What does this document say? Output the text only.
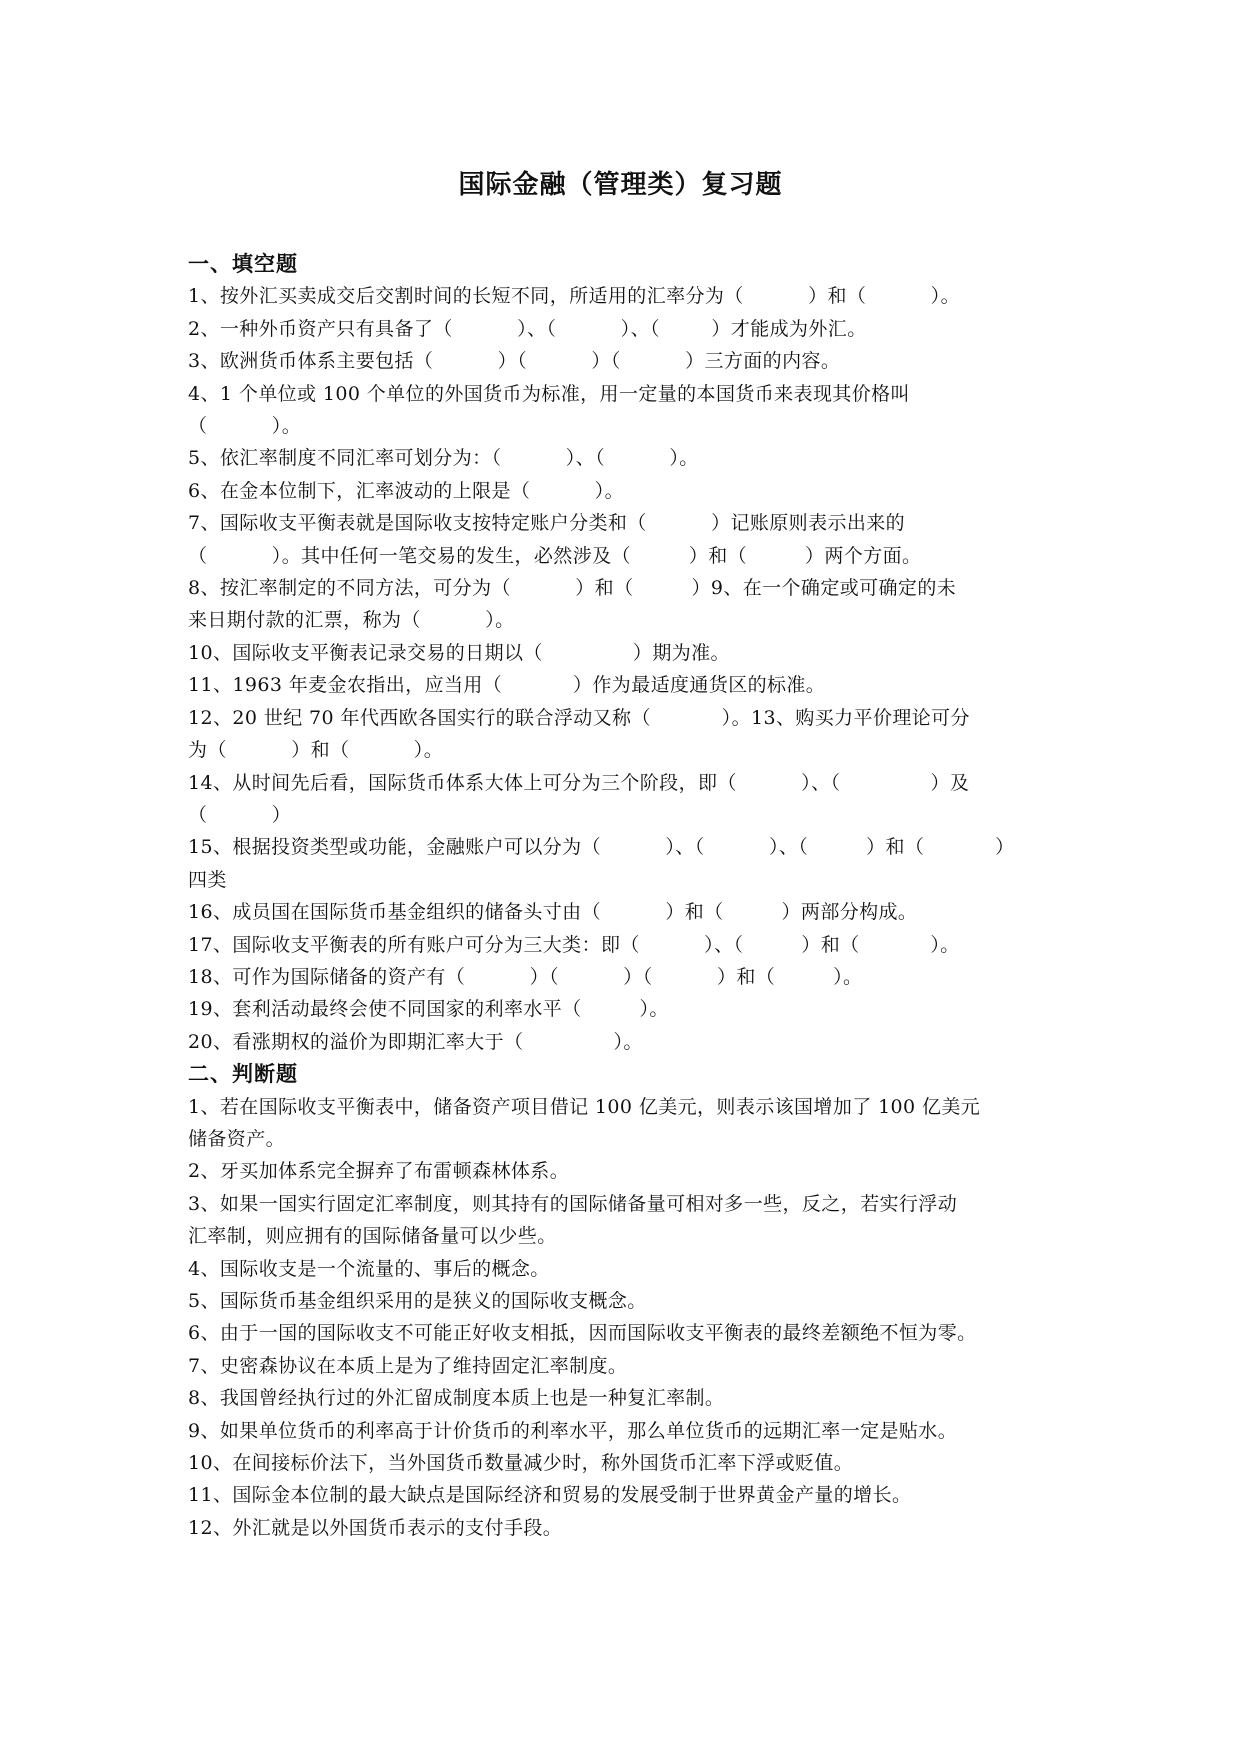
国际金融（管理类）复习题
一、填空题
1、按外汇买卖成交后交割时间的长短不同，所适用的汇率分为（          ）和（          ）。
2、一种外币资产只有具备了（          ）、（          ）、（        ）才能成为外汇。
3、欧洲货币体系主要包括（          ）（          ）（          ）三方面的内容。
4、1 个单位或 100 个单位的外国货币为标准，用一定量的本国货币来表现其价格叫
（          ）。
5、依汇率制度不同汇率可划分为：（          ）、（          ）。
6、在金本位制下，汇率波动的上限是（          ）。
7、国际收支平衡表就是国际收支按特定账户分类和（          ）记账原则表示出来的
（          ）。其中任何一笔交易的发生，必然涉及（         ）和（         ）两个方面。
8、按汇率制定的不同方法，可分为（          ）和（         ）9、在一个确定或可确定的未
来日期付款的汇票，称为（          ）。
10、国际收支平衡表记录交易的日期以（              ）期为准。
11、1963 年麦金农指出，应当用（           ）作为最适度通货区的标准。
12、20 世纪 70 年代西欧各国实行的联合浮动又称（           ）。13、购买力平价理论可分
为（          ）和（          ）。
14、从时间先后看，国际货币体系大体上可分为三个阶段，即（          ）、（              ）及
（          ）
15、根据投资类型或功能，金融账户可以分为（          ）、（          ）、（         ）和（           ）
四类
16、成员国在国际货币基金组织的储备头寸由（          ）和（         ）两部分构成。
17、国际收支平衡表的所有账户可分为三大类：即（          ）、（         ）和（           ）。
18、可作为国际储备的资产有（          ）（          ）（          ）和（         ）。
19、套利活动最终会使不同国家的利率水平（         ）。
20、看涨期权的溢价为即期汇率大于（              ）。
二、判断题
1、若在国际收支平衡表中，储备资产项目借记 100 亿美元，则表示该国增加了 100 亿美元
储备资产。
2、牙买加体系完全摒弃了布雷顿森林体系。
3、如果一国实行固定汇率制度，则其持有的国际储备量可相对多一些，反之，若实行浮动
汇率制，则应拥有的国际储备量可以少些。
4、国际收支是一个流量的、事后的概念。
5、国际货币基金组织采用的是狭义的国际收支概念。
6、由于一国的国际收支不可能正好收支相抵，因而国际收支平衡表的最终差额绝不恒为零。
7、史密森协议在本质上是为了维持固定汇率制度。
8、我国曾经执行过的外汇留成制度本质上也是一种复汇率制。
9、如果单位货币的利率高于计价货币的利率水平，那么单位货币的远期汇率一定是贴水。
10、在间接标价法下，当外国货币数量减少时，称外国货币汇率下浮或贬值。
11、国际金本位制的最大缺点是国际经济和贸易的发展受制于世界黄金产量的增长。
12、外汇就是以外国货币表示的支付手段。
